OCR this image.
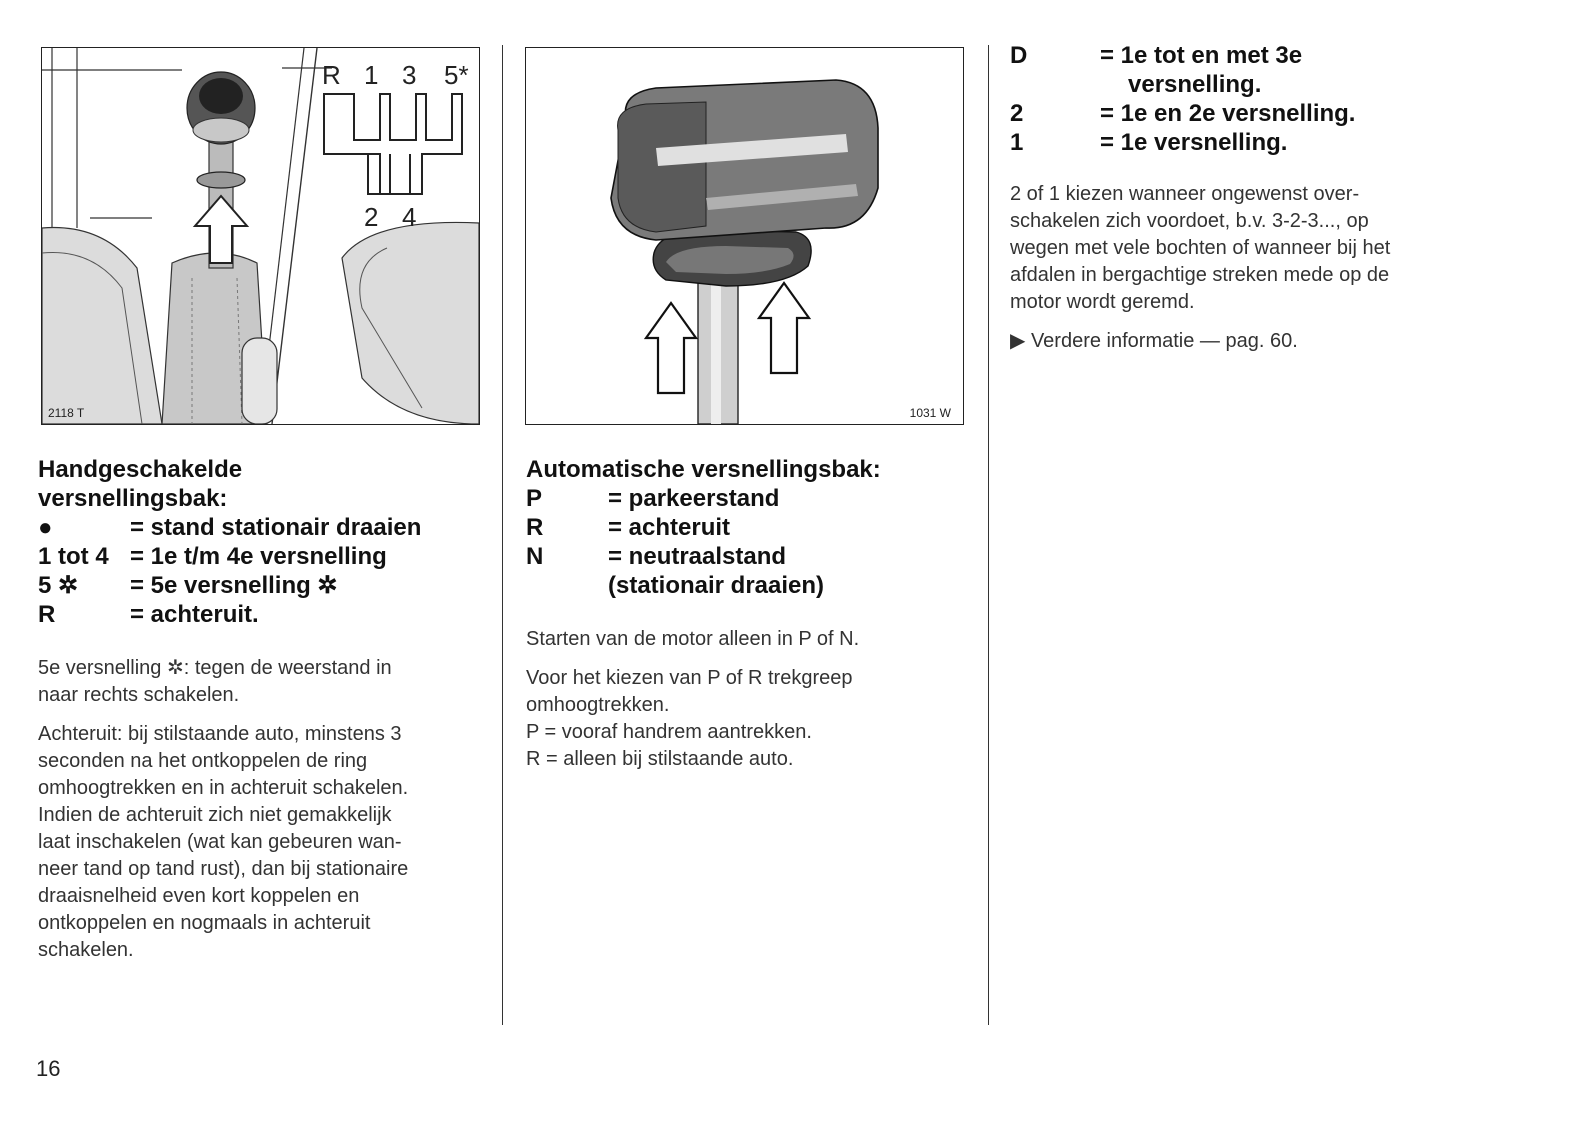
R 1 3 5*
2 4
2118 T
Handgeschakelde
versnellingsbak:
●	= stand stationair draaien
1 tot 4 = 1e t/m 4e versnelling
5 ✲	= 5e versnelling ✲
R	= achteruit.

5e versnelling ✲: tegen de weerstand in

naar rechts schakelen.

Achteruit: bij stilstaande auto, minstens 3

seconden na het ontkoppelen de ring

omhoogtrekken en in achteruit schakelen.

Indien de achteruit zich niet gemakkelijk

laat inschakelen (wat kan gebeuren wan-

neer tand op tand rust), dan bij stationaire

draaisnelheid even kort koppelen en

ontkoppelen en nogmaals in achteruit

schakelen.

1031 W
Automatische versnellingsbak:
P	= parkeerstand
R	= achteruit
N	= neutraalstand
(stationair draaien)

Starten van de motor alleen in P of N.

Voor het kiezen van P of R trekgreep

omhoogtrekken.

P = vooraf handrem aantrekken.

R = alleen bij stilstaande auto.

D	= 1e tot en met 3e
versnelling.
2	= 1e en 2e versnelling.
1	= 1e versnelling.

2 of 1 kiezen wanneer ongewenst over-

schakelen zich voordoet, b.v. 3-2-3..., op

wegen met vele bochten of wanneer bij het

afdalen in bergachtige streken mede op de

motor wordt geremd.

▶ Verdere informatie — pag. 60.
16
